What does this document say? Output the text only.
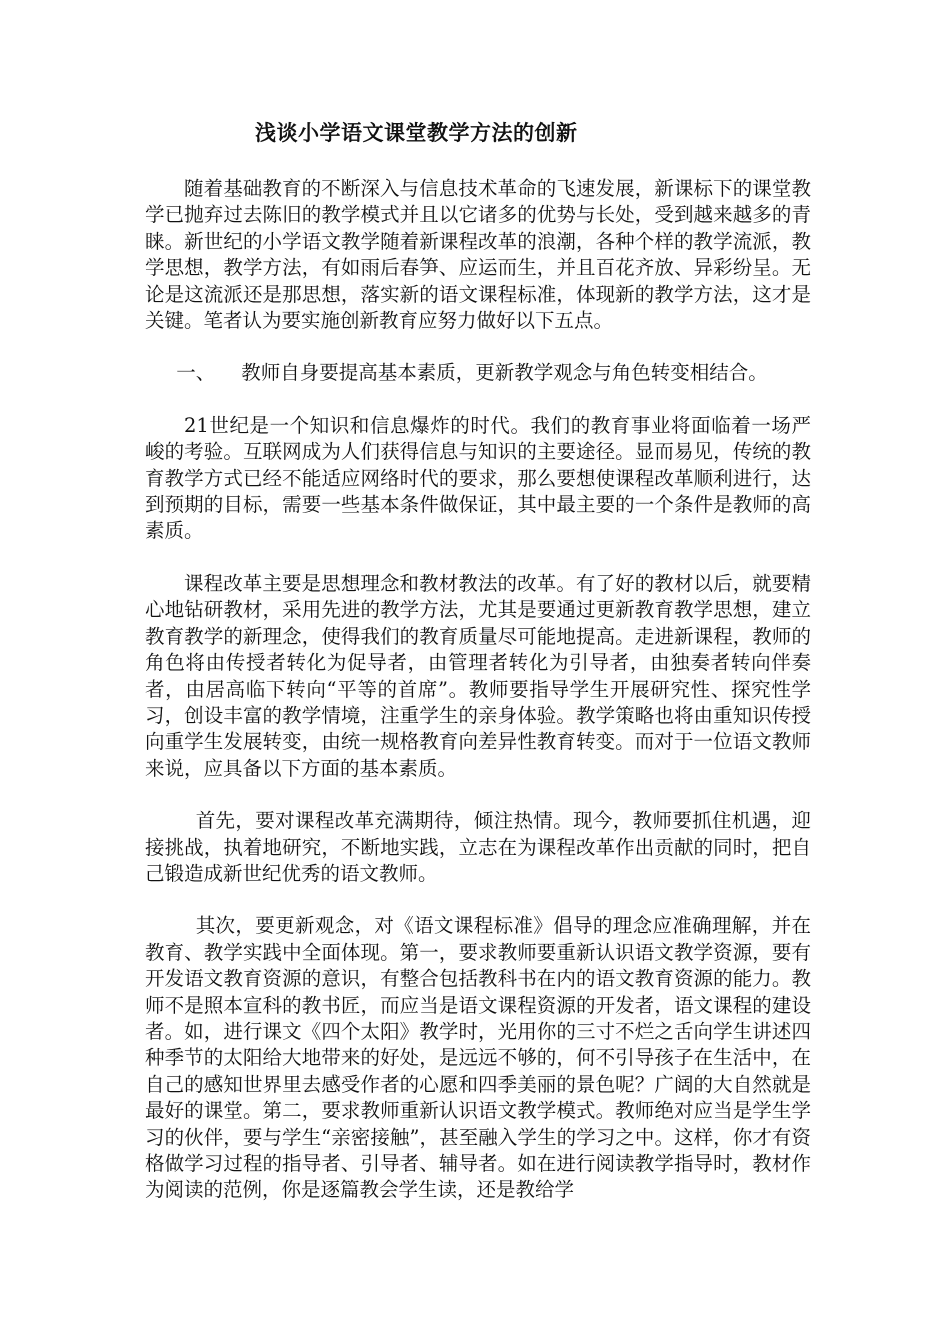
浅谈小学语文课堂教学方法的创新

随着基础教育的不断深入与信息技术革命的飞速发展，新课标下的课堂教学已抛弃过去陈旧的教学模式并且以它诸多的优势与长处，受到越来越多的青睐。新世纪的小学语文教学随着新课程改革的浪潮，各种个样的教学流派，教学思想，教学方法，有如雨后春笋、应运而生，并且百花齐放、异彩纷呈。无论是这流派还是那思想，落实新的语文课程标准，体现新的教学方法，这才是关键。笔者认为要实施创新教育应努力做好以下五点。

一、 教师自身要提高基本素质，更新教学观念与角色转变相结合。

21世纪是一个知识和信息爆炸的时代。我们的教育事业将面临着一场严峻的考验。互联网成为人们获得信息与知识的主要途径。显而易见，传统的教育教学方式已经不能适应网络时代的要求，那么要想使课程改革顺利进行，达到预期的目标，需要一些基本条件做保证，其中最主要的一个条件是教师的高素质。

课程改革主要是思想理念和教材教法的改革。有了好的教材以后，就要精心地钻研教材，采用先进的教学方法，尤其是要通过更新教育教学思想，建立教育教学的新理念，使得我们的教育质量尽可能地提高。走进新课程，教师的角色将由传授者转化为促导者，由管理者转化为引导者，由独奏者转向伴奏者，由居高临下转向“平等的首席”。教师要指导学生开展研究性、探究性学习，创设丰富的教学情境，注重学生的亲身体验。教学策略也将由重知识传授向重学生发展转变，由统一规格教育向差异性教育转变。而对于一位语文教师来说，应具备以下方面的基本素质。

首先，要对课程改革充满期待，倾注热情。现今，教师要抓住机遇，迎接挑战，执着地研究，不断地实践，立志在为课程改革作出贡献的同时，把自己锻造成新世纪优秀的语文教师。

其次，要更新观念，对《语文课程标准》倡导的理念应准确理解，并在教育、教学实践中全面体现。第一，要求教师要重新认识语文教学资源，要有开发语文教育资源的意识，有整合包括教科书在内的语文教育资源的能力。教师不是照本宣科的教书匠，而应当是语文课程资源的开发者，语文课程的建设者。如，进行课文《四个太阳》教学时，光用你的三寸不烂之舌向学生讲述四种季节的太阳给大地带来的好处，是远远不够的，何不引导孩子在生活中，在自己的感知世界里去感受作者的心愿和四季美丽的景色呢？广阔的大自然就是最好的课堂。第二，要求教师重新认识语文教学模式。教师绝对应当是学生学习的伙伴，要与学生“亲密接触”，甚至融入学生的学习之中。这样，你才有资格做学习过程的指导者、引导者、辅导者。如在进行阅读教学指导时，教材作为阅读的范例，你是逐篇教会学生读，还是教给学
